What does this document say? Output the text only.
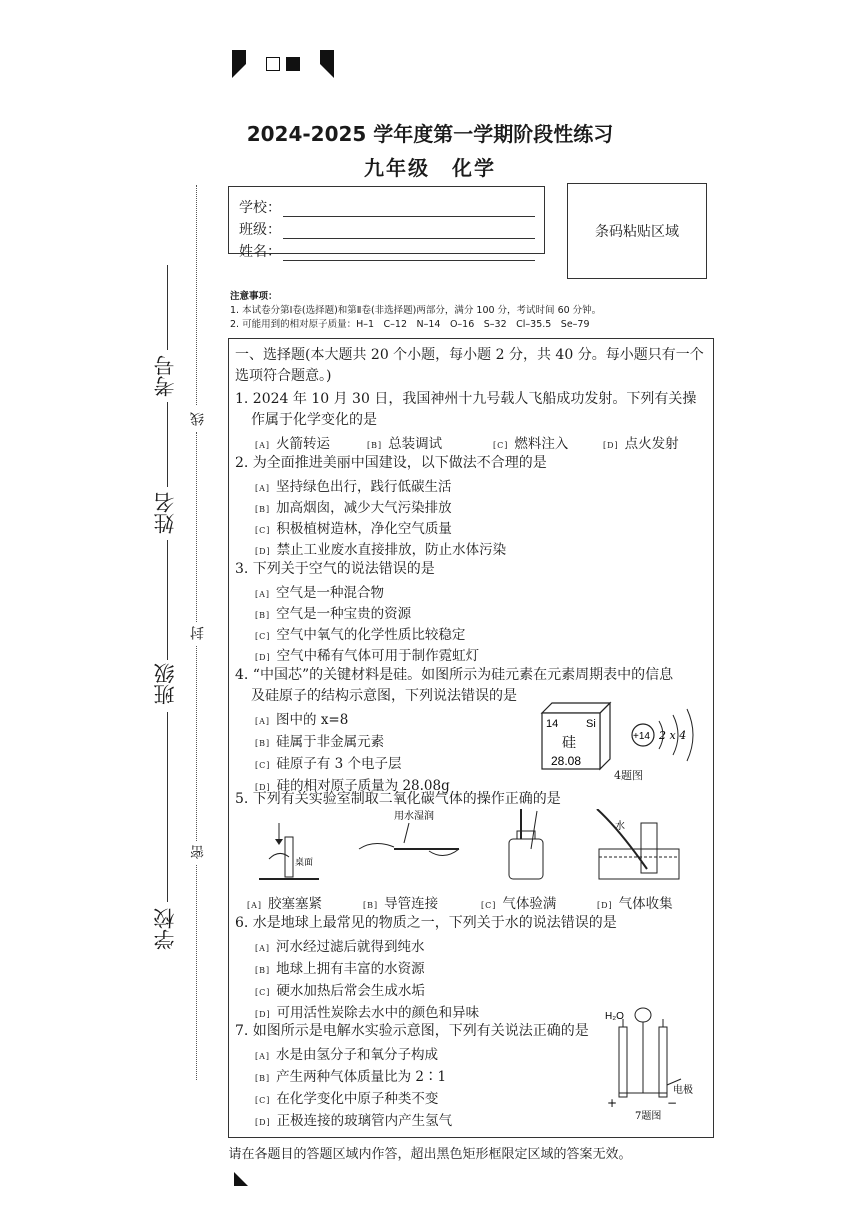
2024-2025 学年度第一学期阶段性练习
九年级　化学
学校：
班级：
姓名：
条码粘贴区域
注意事项：
1. 本试卷分第Ⅰ卷(选择题)和第Ⅱ卷(非选择题)两部分，满分 100 分，考试时间 60 分钟。
2. 可能用到的相对原子质量：H–1　C–12　N–14　O–16　S–32　Cl–35.5　Se–79
考号
姓名
班级
学校
线
封
密
一、选择题(本大题共 20 个小题，每小题 2 分，共 40 分。每小题只有一个
选项符合题意。)
1. 2024 年 10 月 30 日，我国神州十九号载人飞船成功发射。下列有关操
作属于化学变化的是
[A] 火箭转运	[B] 总装调试	[C] 燃料注入	[D] 点火发射
2. 为全面推进美丽中国建设，以下做法不合理的是
[A] 坚持绿色出行，践行低碳生活
[B] 加高烟囱，减少大气污染排放
[C] 积极植树造林，净化空气质量
[D] 禁止工业废水直接排放，防止水体污染
3. 下列关于空气的说法错误的是
[A] 空气是一种混合物
[B] 空气是一种宝贵的资源
[C] 空气中氧气的化学性质比较稳定
[D] 空气中稀有气体可用于制作霓虹灯
4. “中国芯”的关键材料是硅。如图所示为硅元素在元素周期表中的信息
及硅原子的结构示意图，下列说法错误的是
[A] 图中的 x=8
[B] 硅属于非金属元素
[C] 硅原子有 3 个电子层
[D] 硅的相对原子质量为 28.08g
14	Si
硅
28.08
+14 2 x 4
4题图
5. 下列有关实验室制取二氧化碳气体的操作正确的是
桌面
用水湿润
水
[A] 胶塞塞紧	[B] 导管连接	[C] 气体验满	[D] 气体收集
6. 水是地球上最常见的物质之一，下列关于水的说法错误的是
[A] 河水经过滤后就得到纯水
[B] 地球上拥有丰富的水资源
[C] 硬水加热后常会生成水垢
[D] 可用活性炭除去水中的颜色和异味
7. 如图所示是电解水实验示意图，下列有关说法正确的是
[A] 水是由氢分子和氧分子构成
[B] 产生两种气体质量比为 2∶1
[C] 在化学变化中原子种类不变
[D] 正极连接的玻璃管内产生氢气
H₂O
电极
+	−
7题图
请在各题目的答题区域内作答，超出黑色矩形框限定区域的答案无效。
